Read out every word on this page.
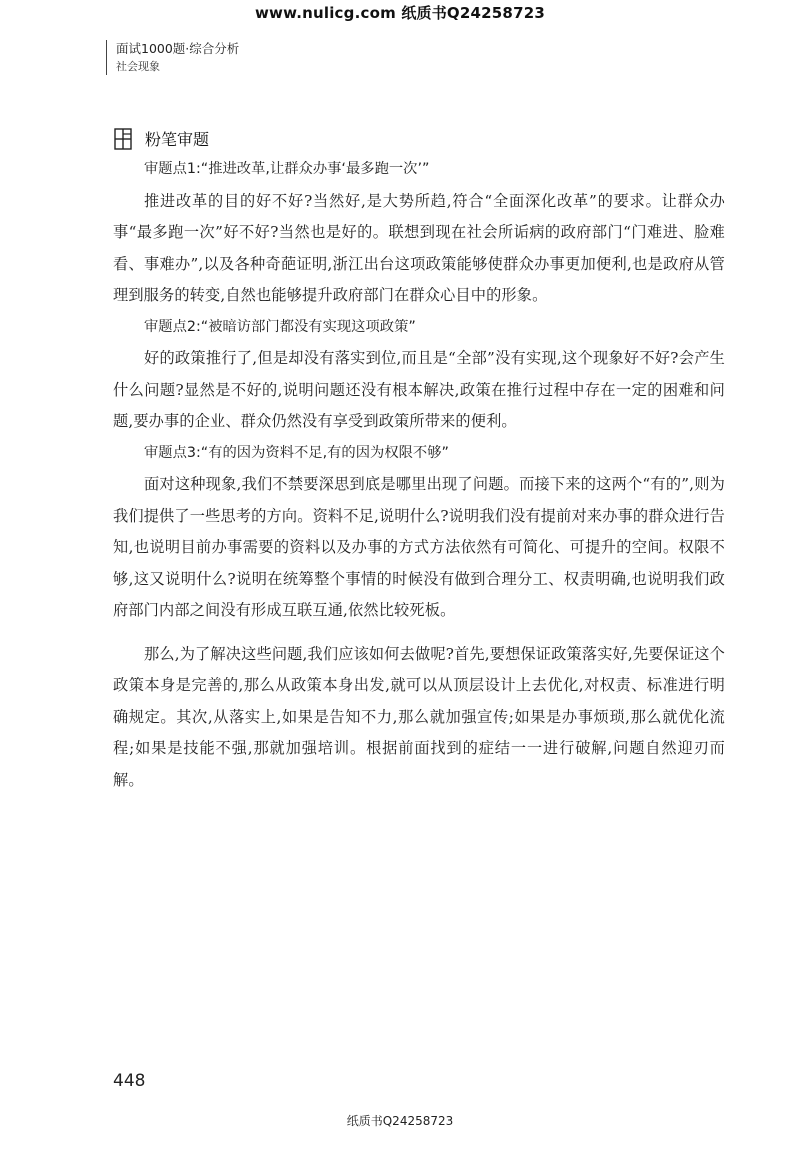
www.nulicg.com 纸质书Q24258723
面试1000题·综合分析
社会现象
粉笔审题
审题点1:“推进改革,让群众办事‘最多跑一次’”

推进改革的目的好不好?当然好,是大势所趋,符合“全面深化改革”的要求。让群众办事“最多跑一次”好不好?当然也是好的。联想到现在社会所诟病的政府部门“门难进、脸难看、事难办”,以及各种奇葩证明,浙江出台这项政策能够使群众办事更加便利,也是政府从管理到服务的转变,自然也能够提升政府部门在群众心目中的形象。

审题点2:“被暗访部门都没有实现这项政策”

好的政策推行了,但是却没有落实到位,而且是“全部”没有实现,这个现象好不好?会产生什么问题?显然是不好的,说明问题还没有根本解决,政策在推行过程中存在一定的困难和问题,要办事的企业、群众仍然没有享受到政策所带来的便利。

审题点3:“有的因为资料不足,有的因为权限不够”

面对这种现象,我们不禁要深思到底是哪里出现了问题。而接下来的这两个“有的”,则为我们提供了一些思考的方向。资料不足,说明什么?说明我们没有提前对来办事的群众进行告知,也说明目前办事需要的资料以及办事的方式方法依然有可简化、可提升的空间。权限不够,这又说明什么?说明在统筹整个事情的时候没有做到合理分工、权责明确,也说明我们政府部门内部之间没有形成互联互通,依然比较死板。

那么,为了解决这些问题,我们应该如何去做呢?首先,要想保证政策落实好,先要保证这个政策本身是完善的,那么从政策本身出发,就可以从顶层设计上去优化,对权责、标准进行明确规定。其次,从落实上,如果是告知不力,那么就加强宣传;如果是办事烦琐,那么就优化流程;如果是技能不强,那就加强培训。根据前面找到的症结一一进行破解,问题自然迎刃而解。

448
纸质书Q24258723
